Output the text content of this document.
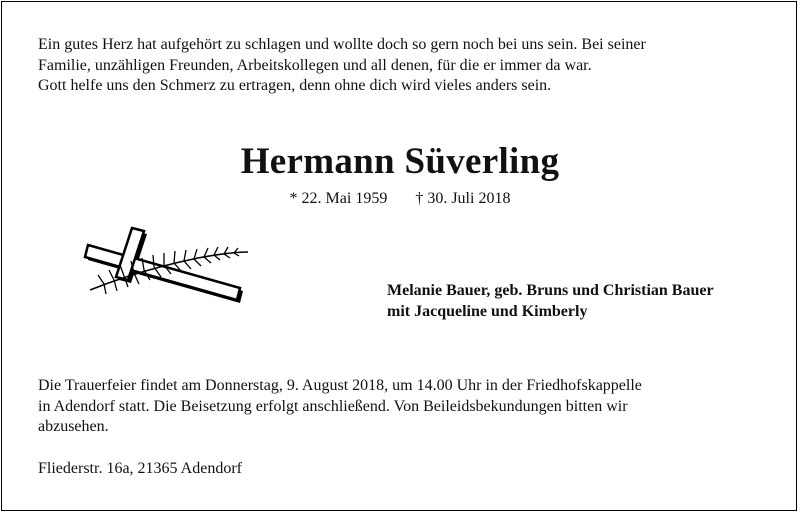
Ein gutes Herz hat aufgehört zu schlagen und wollte doch so gern noch bei uns sein. Bei seiner
Familie, unzähligen Freunden, Arbeitskollegen und all denen, für die er immer da war.
Gott helfe uns den Schmerz zu ertragen, denn ohne dich wird vieles anders sein.
Hermann Süverling
* 22. Mai 1959 † 30. Juli 2018
Melanie Bauer, geb. Bruns und Christian Bauer
mit Jacqueline und Kimberly
Die Trauerfeier findet am Donnerstag, 9. August 2018, um 14.00 Uhr in der Friedhofskappelle
in Adendorf statt. Die Beisetzung erfolgt anschließend. Von Beileidsbekundungen bitten wir
abzusehen.
Fliederstr. 16a, 21365 Adendorf
